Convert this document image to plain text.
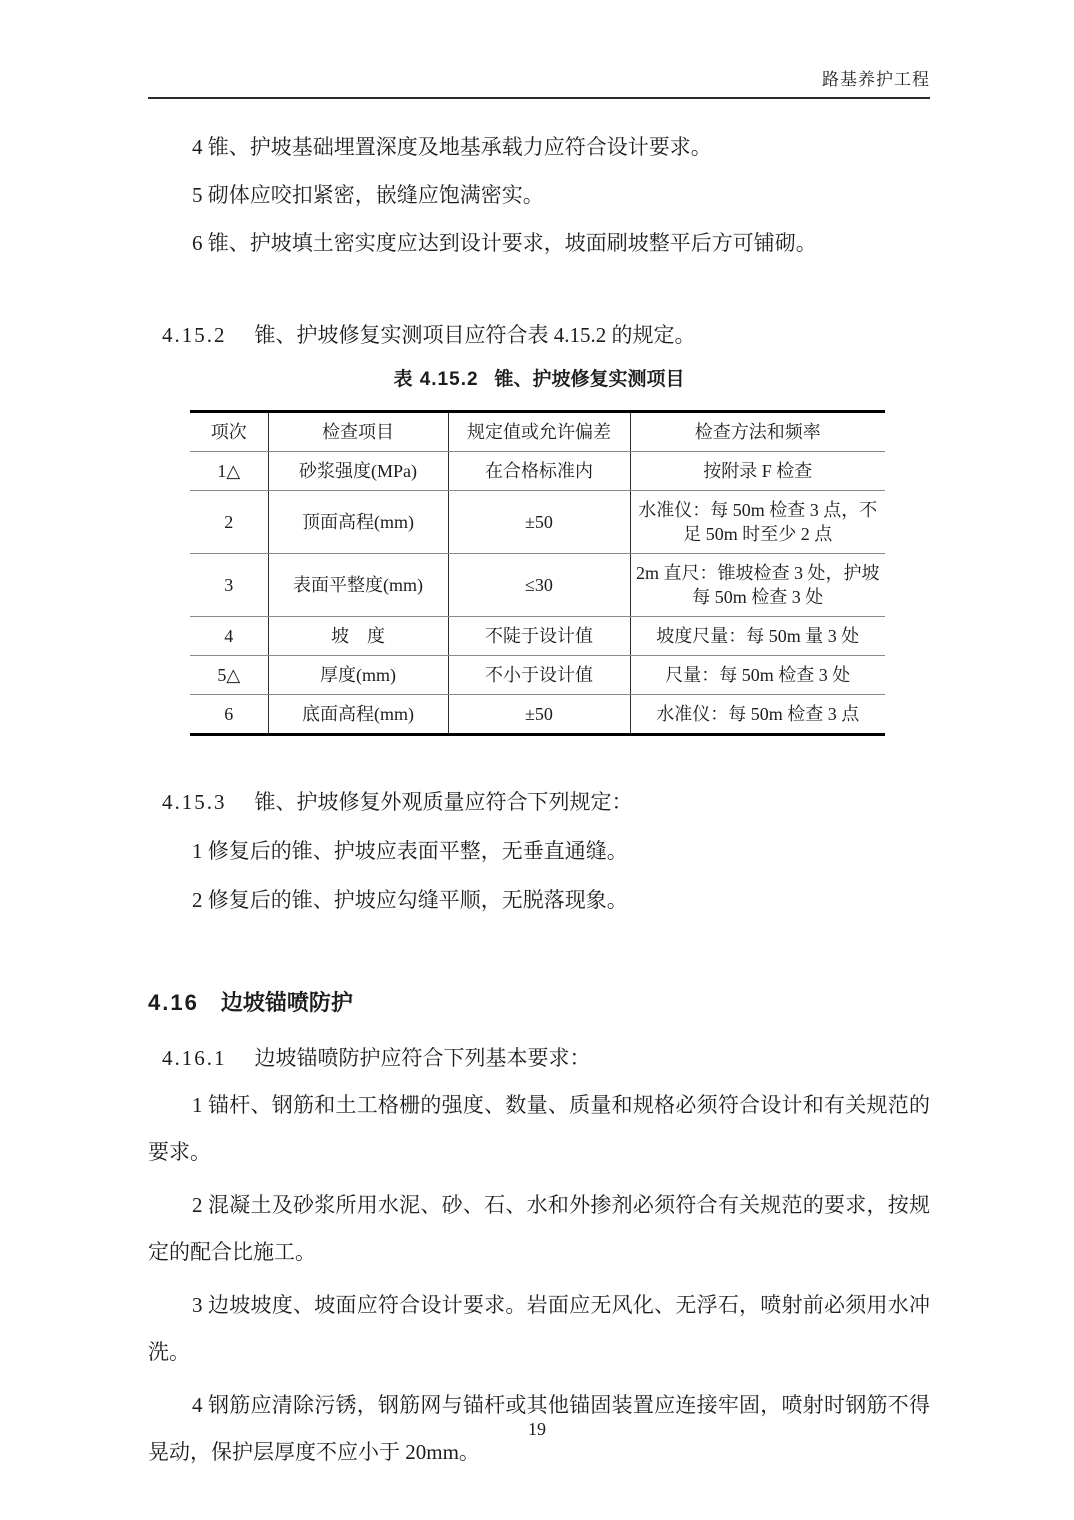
路基养护工程

4 锥、护坡基础埋置深度及地基承载力应符合设计要求。

5 砌体应咬扣紧密，嵌缝应饱满密实。

6 锥、护坡填土密实度应达到设计要求，坡面刷坡整平后方可铺砌。

4.15.2 锥、护坡修复实测项目应符合表 4.15.2 的规定。

表 4.15.2 锥、护坡修复实测项目

项次	检查项目	规定值或允许偏差	检查方法和频率
1△	砂浆强度(MPa)	在合格标准内	按附录 F 检查
2	顶面高程(mm)	±50	水准仪：每 50m 检查 3 点，不足 50m 时至少 2 点
3	表面平整度(mm)	≤30	2m 直尺：锥坡检查 3 处，护坡每 50m 检查 3 处
4	坡　度	不陡于设计值	坡度尺量：每 50m 量 3 处
5△	厚度(mm)	不小于设计值	尺量：每 50m 检查 3 处
6	底面高程(mm)	±50	水准仪：每 50m 检查 3 点

4.15.3 锥、护坡修复外观质量应符合下列规定：

1 修复后的锥、护坡应表面平整，无垂直通缝。

2 修复后的锥、护坡应勾缝平顺，无脱落现象。

4.16 边坡锚喷防护

4.16.1 边坡锚喷防护应符合下列基本要求：

1 锚杆、钢筋和土工格栅的强度、数量、质量和规格必须符合设计和有关规范的要求。

2 混凝土及砂浆所用水泥、砂、石、水和外掺剂必须符合有关规范的要求，按规定的配合比施工。

3 边坡坡度、坡面应符合设计要求。岩面应无风化、无浮石，喷射前必须用水冲洗。

4 钢筋应清除污锈，钢筋网与锚杆或其他锚固装置应连接牢固，喷射时钢筋不得晃动，保护层厚度不应小于 20mm。

19
